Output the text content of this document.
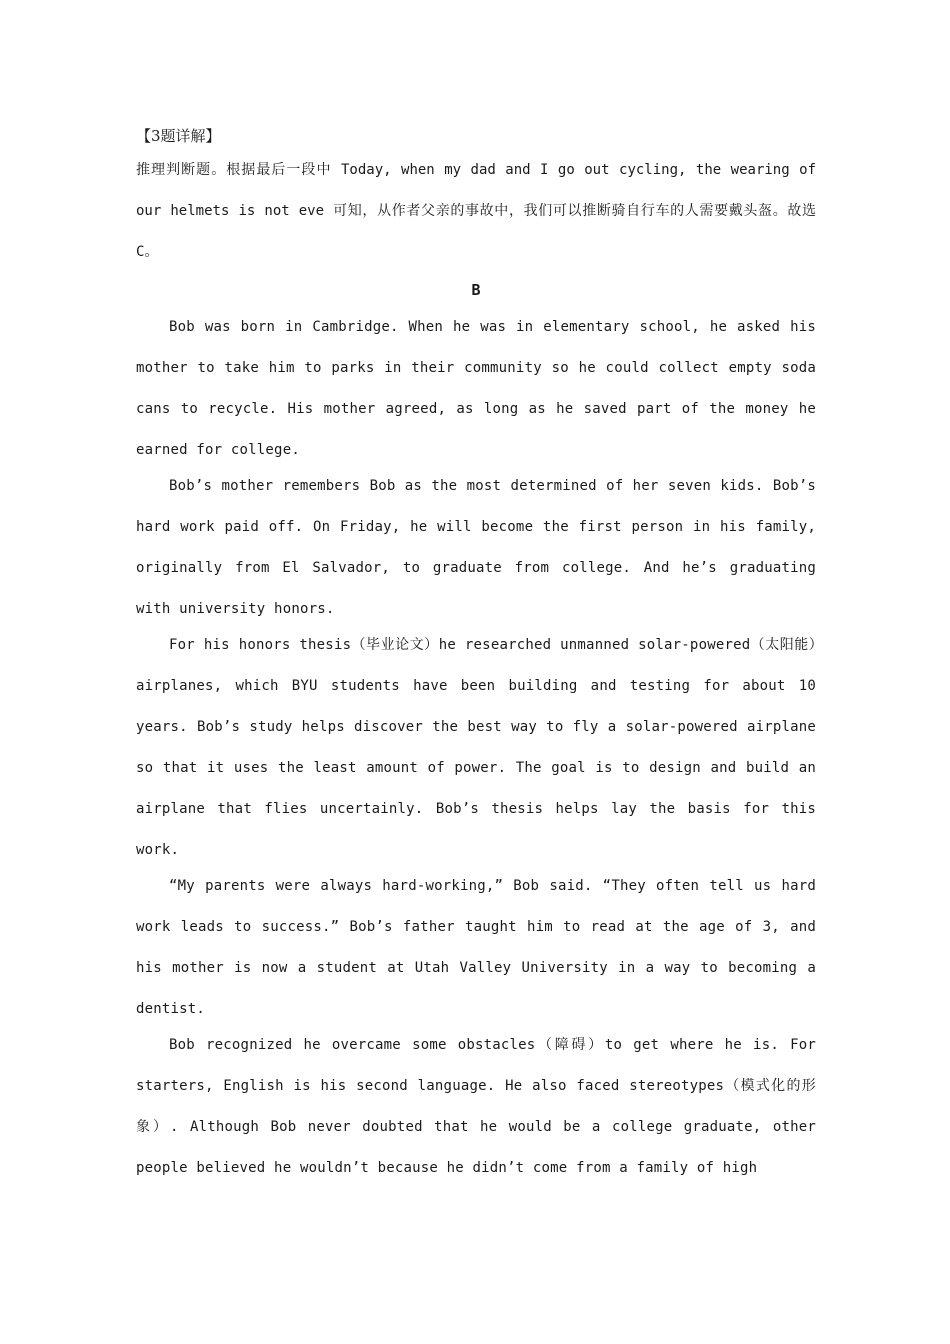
【3题详解】

推理判断题。根据最后一段中 Today, when my dad and I go out cycling, the wearing of our helmets is not eve 可知，从作者父亲的事故中，我们可以推断骑自行车的人需要戴头盔。故选 C。

B

Bob was born in Cambridge. When he was in elementary school, he asked his mother to take him to parks in their community so he could collect empty soda cans to recycle. His mother agreed, as long as he saved part of the money he earned for college.

Bob’s mother remembers Bob as the most determined of her seven kids. Bob’s hard work paid off. On Friday, he will become the first person in his family, originally from El Salvador, to graduate from college. And he’s graduating with university honors.

For his honors thesis（毕业论文）he researched unmanned solar-powered（太阳能）airplanes, which BYU students have been building and testing for about 10 years. Bob’s study helps discover the best way to fly a solar-powered airplane so that it uses the least amount of power. The goal is to design and build an airplane that flies uncertainly. Bob’s thesis helps lay the basis for this work.

“My parents were always hard-working,” Bob said. “They often tell us hard work leads to success.” Bob’s father taught him to read at the age of 3, and his mother is now a student at Utah Valley University in a way to becoming a dentist.

Bob recognized he overcame some obstacles（障碍）to get where he is. For starters, English is his second language. He also faced stereotypes（模式化的形象）. Although Bob never doubted that he would be a college graduate, other people believed he wouldn’t because he didn’t come from a family of high
